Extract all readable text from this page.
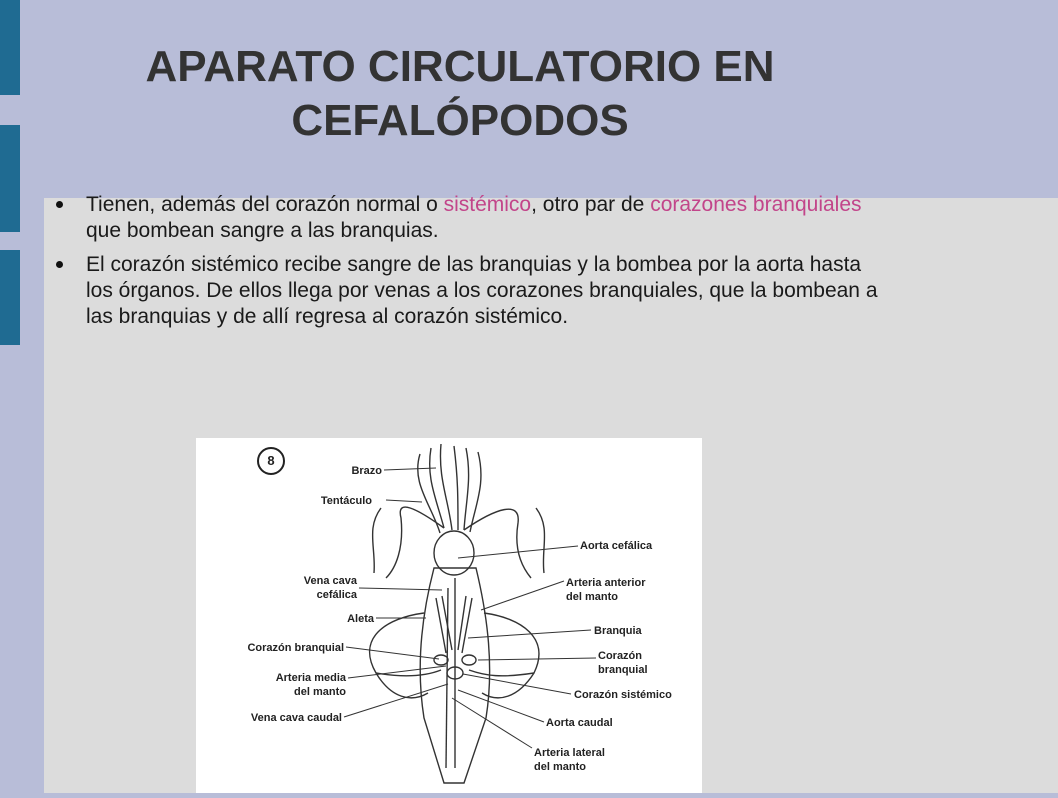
APARATO CIRCULATORIO EN
CEFALÓPODOS
Tienen, además del corazón normal o sistémico, otro par de corazones branquiales que bombean sangre a las branquias.
El corazón sistémico recibe sangre de las branquias y la bombea por la aorta hasta los órganos. De ellos llega por venas a los corazones branquiales, que la bombean a las branquias y de allí regresa al corazón sistémico.
8
Brazo
Tentáculo
Vena cava
cefálica
Aleta
Corazón branquial
Arteria media
del manto
Vena cava caudal
Aorta cefálica
Arteria anterior
del manto
Branquia
Corazón
branquial
Corazón sistémico
Aorta caudal
Arteria lateral
del manto
